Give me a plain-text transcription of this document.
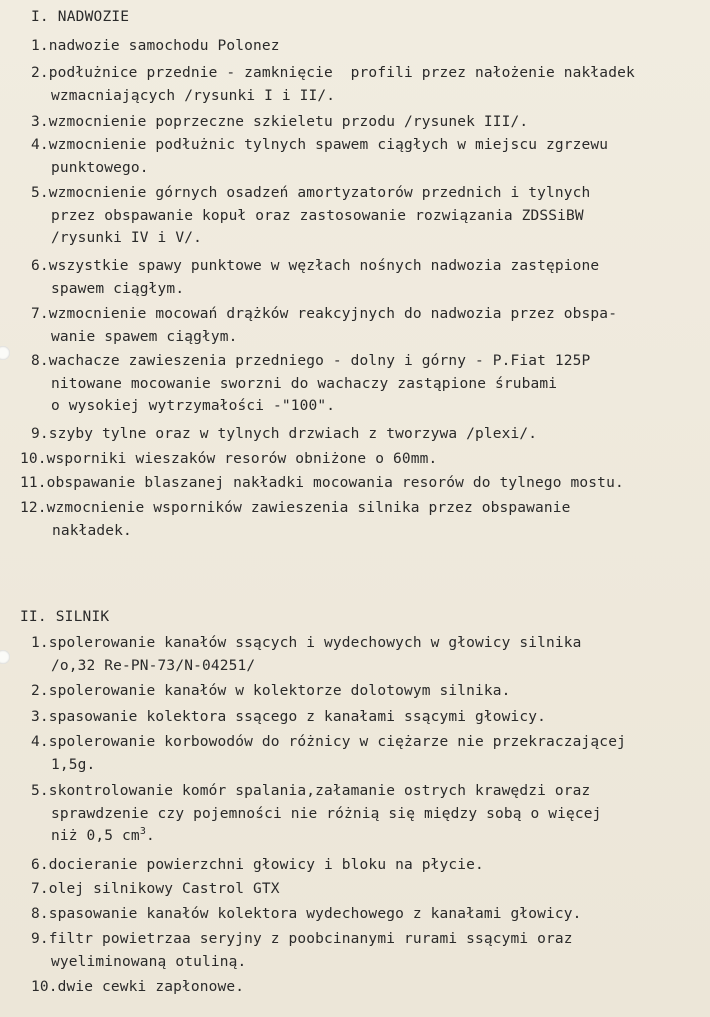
I. NADWOZIE
1.nadwozie samochodu Polonez
2.podłużnice przednie - zamknięcie  profili przez nałożenie nakładek
wzmacniających /rysunki I i II/.
3.wzmocnienie poprzeczne szkieletu przodu /rysunek III/.
4.wzmocnienie podłużnic tylnych spawem ciągłych w miejscu zgrzewu
punktowego.
5.wzmocnienie górnych osadzeń amortyzatorów przednich i tylnych
przez obspawanie kopuł oraz zastosowanie rozwiązania ZDSSiBW
/rysunki IV i V/.
6.wszystkie spawy punktowe w węzłach nośnych nadwozia zastępione
spawem ciągłym.
7.wzmocnienie mocowań drążków reakcyjnych do nadwozia przez obspa-
wanie spawem ciągłym.
8.wachacze zawieszenia przedniego - dolny i górny - P.Fiat 125P
nitowane mocowanie sworzni do wachaczy zastąpione śrubami
o wysokiej wytrzymałości -"100".
9.szyby tylne oraz w tylnych drzwiach z tworzywa /plexi/.
10.wsporniki wieszaków resorów obniżone o 60mm.
11.obspawanie blaszanej nakładki mocowania resorów do tylnego mostu.
12.wzmocnienie wsporników zawieszenia silnika przez obspawanie
nakładek.
II. SILNIK
1.spolerowanie kanałów ssących i wydechowych w głowicy silnika
/o,32 Re-PN-73/N-04251/
2.spolerowanie kanałów w kolektorze dolotowym silnika.
3.spasowanie kolektora ssącego z kanałami ssącymi głowicy.
4.spolerowanie korbowodów do różnicy w ciężarze nie przekraczającej
1,5g.
5.skontrolowanie komór spalania,załamanie ostrych krawędzi oraz
sprawdzenie czy pojemności nie różnią się między sobą o więcej
niż 0,5 $cm^3$.
6.docieranie powierzchni głowicy i bloku na płycie.
7.olej silnikowy Castrol GTX
8.spasowanie kanałów kolektora wydechowego z kanałami głowicy.
9.filtr powietrzaa seryjny z poobcinanymi rurami ssącymi oraz
wyeliminowaną otuliną.
10.dwie cewki zapłonowe.
